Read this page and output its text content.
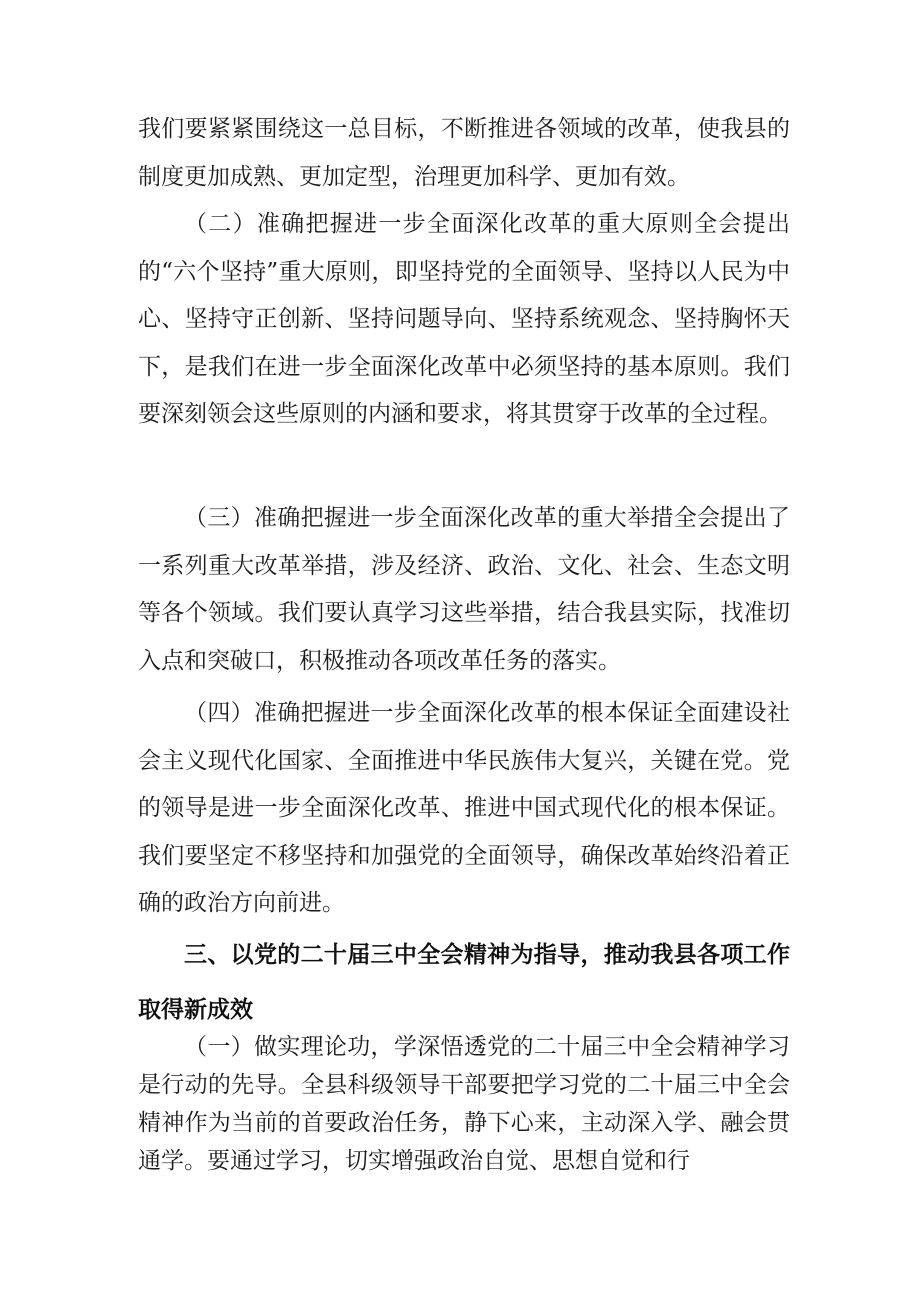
我们要紧紧围绕这一总目标，不断推进各领域的改革，使我县的制度更加成熟、更加定型，治理更加科学、更加有效。

（二）准确把握进一步全面深化改革的重大原则全会提出的“六个坚持”重大原则，即坚持党的全面领导、坚持以人民为中心、坚持守正创新、坚持问题导向、坚持系统观念、坚持胸怀天下，是我们在进一步全面深化改革中必须坚持的基本原则。我们要深刻领会这些原则的内涵和要求，将其贯穿于改革的全过程。

（三）准确把握进一步全面深化改革的重大举措全会提出了一系列重大改革举措，涉及经济、政治、文化、社会、生态文明等各个领域。我们要认真学习这些举措，结合我县实际，找准切入点和突破口，积极推动各项改革任务的落实。

（四）准确把握进一步全面深化改革的根本保证全面建设社会主义现代化国家、全面推进中华民族伟大复兴，关键在党。党的领导是进一步全面深化改革、推进中国式现代化的根本保证。我们要坚定不移坚持和加强党的全面领导，确保改革始终沿着正确的政治方向前进。

三、以党的二十届三中全会精神为指导，推动我县各项工作取得新成效

（一）做实理论功，学深悟透党的二十届三中全会精神学习是行动的先导。全县科级领导干部要把学习党的二十届三中全会精神作为当前的首要政治任务，静下心来，主动深入学、融会贯通学。要通过学习，切实增强政治自觉、思想自觉和行
